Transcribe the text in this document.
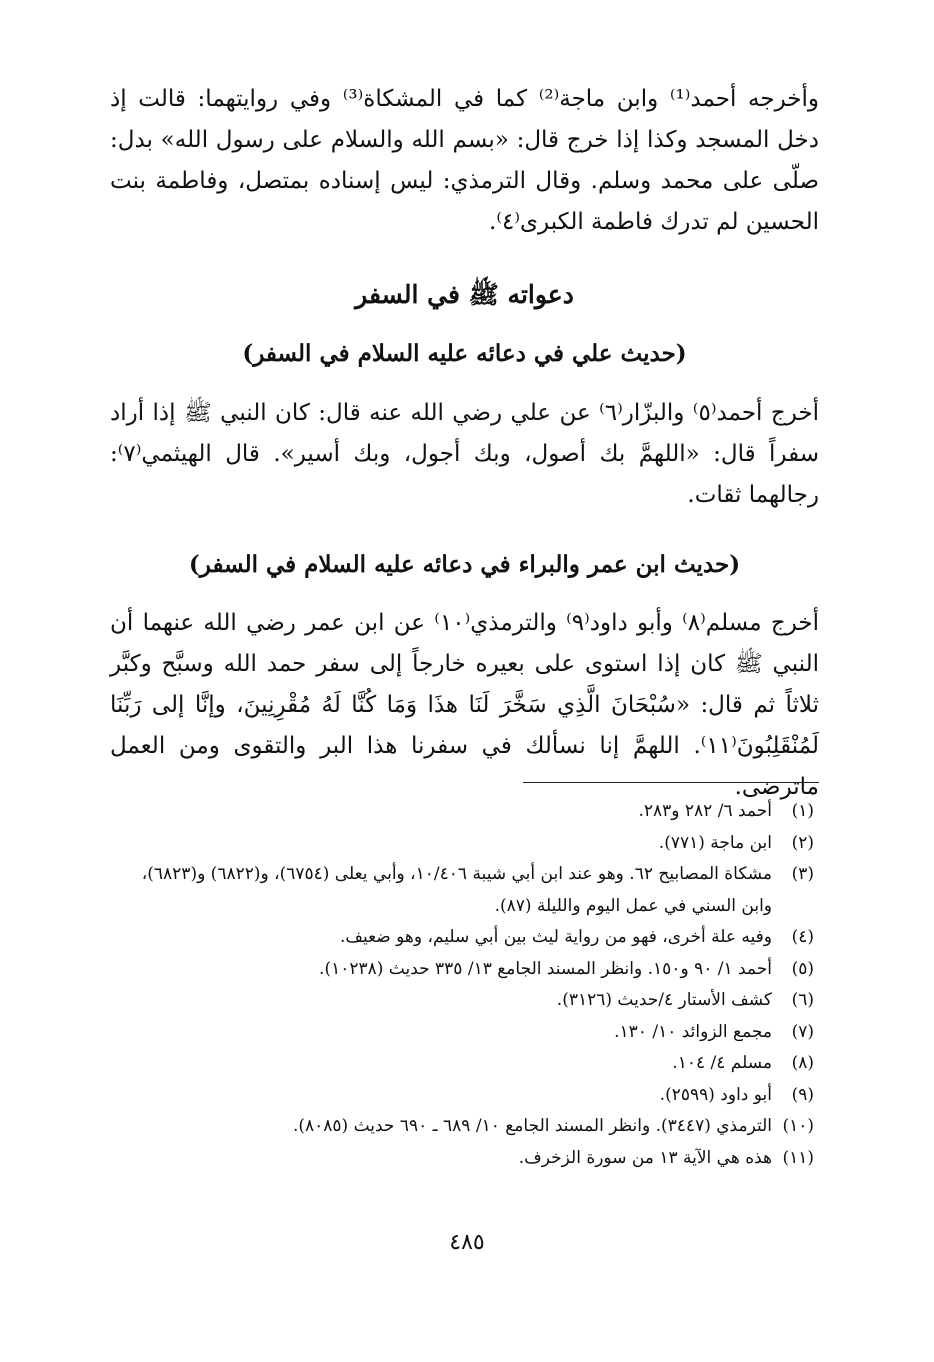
وأخرجه أحمد⁽¹⁾ وابن ماجة⁽²⁾ كما في المشكاة⁽³⁾ وفي روايتهما: قالت إذ دخل المسجد وكذا إذا خرج قال: «بسم الله والسلام على رسول الله» بدل: صلّى على محمد وسلم. وقال الترمذي: ليس إسناده بمتصل، وفاطمة بنت الحسين لم تدرك فاطمة الكبرى⁽٤⁾.

دعواته ﷺ في السفر
(حديث علي في دعائه عليه السلام في السفر)

أخرج أحمد⁽٥⁾ والبزّار⁽٦⁾ عن علي رضي الله عنه قال: كان النبي ﷺ إذا أراد سفراً قال: «اللهمَّ بك أصول، وبك أجول، وبك أسير». قال الهيثمي⁽٧⁾: رجالهما ثقات.

(حديث ابن عمر والبراء في دعائه عليه السلام في السفر)

أخرج مسلم⁽٨⁾ وأبو داود⁽٩⁾ والترمذي⁽١٠⁾ عن ابن عمر رضي الله عنهما أن النبي ﷺ كان إذا استوى على بعيره خارجاً إلى سفر حمد الله وسبَّح وكبَّر ثلاثاً ثم قال: «سُبْحَانَ الَّذِي سَخَّرَ لَنَا هذَا وَمَا كُنَّا لَهُ مُقْرِنِينَ، وإنَّا إلى رَبِّنَا لَمُنْقَلِبُونَ⁽١١⁾. اللهمَّ إنا نسألك في سفرنا هذا البر والتقوى ومن العمل ماترضى.

(١)
أحمد ٦/ ٢٨٢ و٢٨٣.
(٢)
ابن ماجة (٧٧١).
(٣)
مشكاة المصابيح ٦٢. وهو عند ابن أبي شيبة ١٠/٤٠٦، وأبي يعلى (٦٧٥٤)، و(٦٨٢٢) و(٦٨٢٣)، وابن السني في عمل اليوم والليلة (٨٧).
(٤)
وفيه علة أخرى، فهو من رواية ليث بين أبي سليم، وهو ضعيف.
(٥)
أحمد ١/ ٩٠ و١٥٠. وانظر المسند الجامع ١٣/ ٣٣٥ حديث (١٠٢٣٨).
(٦)
كشف الأستار ٤/حديث (٣١٢٦).
(٧)
مجمع الزوائد ١٠/ ١٣٠.
(٨)
مسلم ٤/ ١٠٤.
(٩)
أبو داود (٢٥٩٩).
(١٠)
الترمذي (٣٤٤٧). وانظر المسند الجامع ١٠/ ٦٨٩ ـ ٦٩٠ حديث (٨٠٨٥).
(١١)
هذه هي الآية ١٣ من سورة الزخرف.
٤٨٥
